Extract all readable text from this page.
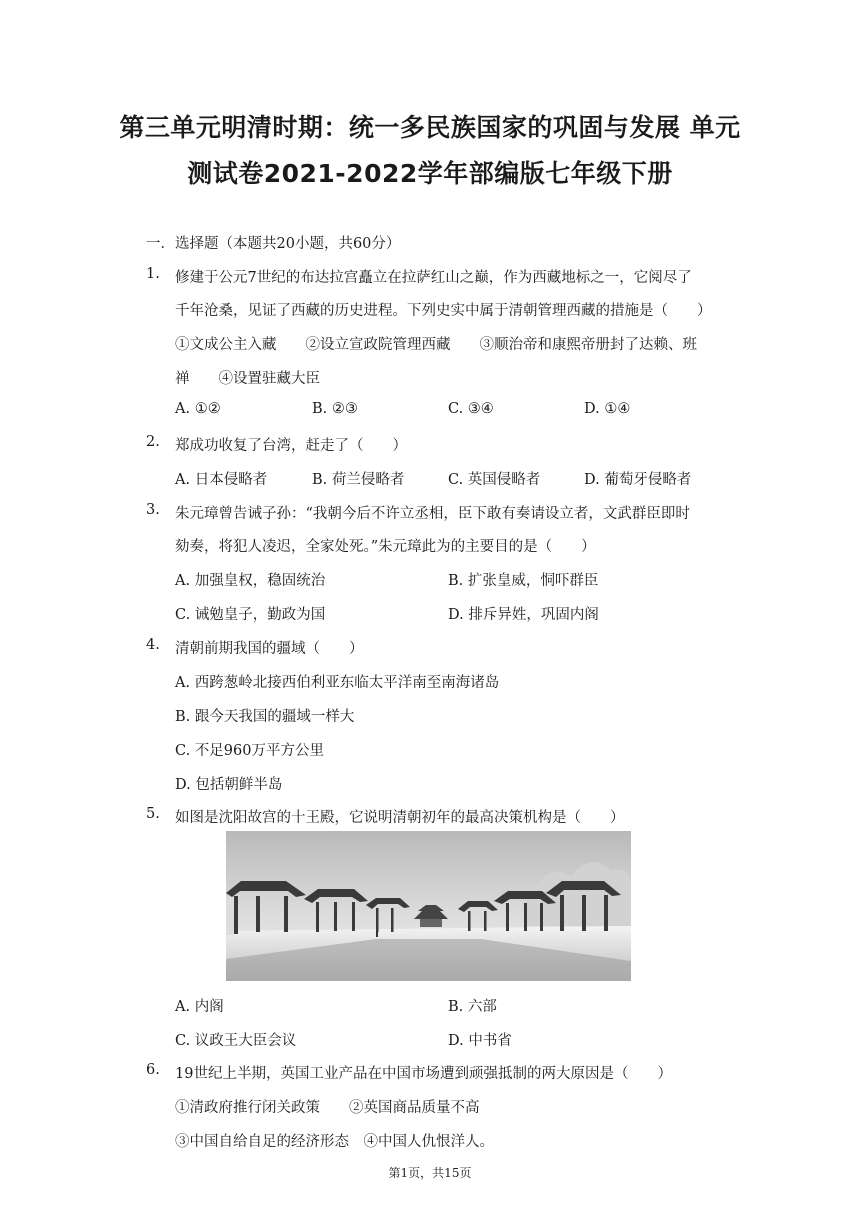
第三单元明清时期：统一多民族国家的巩固与发展 单元
测试卷2021-2022学年部编版七年级下册
一．选择题（本题共20小题，共60分）
1. 修建于公元7世纪的布达拉宫矗立在拉萨红山之巅，作为西藏地标之一，它阅尽了
千年沧桑，见证了西藏的历史进程。下列史实中属于清朝管理西藏的措施是（　　）
①文成公主入藏　　②设立宣政院管理西藏　　③顺治帝和康熙帝册封了达赖、班
禅　　④设置驻藏大臣
A. ①②	B. ②③	C. ③④	D. ①④
2. 郑成功收复了台湾，赶走了（　　）
A. 日本侵略者	B. 荷兰侵略者	C. 英国侵略者	D. 葡萄牙侵略者
3. 朱元璋曾告诫子孙：“我朝今后不许立丞相，臣下敢有奏请设立者，文武群臣即时
劾奏，将犯人凌迟，全家处死。”朱元璋此为的主要目的是（　　）
A. 加强皇权，稳固统治	B. 扩张皇威，恫吓群臣
C. 诫勉皇子，勤政为国	D. 排斥异姓，巩固内阁
4. 清朝前期我国的疆域（　　）
A. 西跨葱岭北接西伯利亚东临太平洋南至南海诸岛
B. 跟今天我国的疆域一样大
C. 不足960万平方公里
D. 包括朝鲜半岛
5. 如图是沈阳故宫的十王殿，它说明清朝初年的最高决策机构是（　　）
A. 内阁	B. 六部
C. 议政王大臣会议	D. 中书省
6. 19世纪上半期，英国工业产品在中国市场遭到顽强抵制的两大原因是（　　）
①清政府推行闭关政策　　②英国商品质量不高
③中国自给自足的经济形态　④中国人仇恨洋人。
第1页，共15页
